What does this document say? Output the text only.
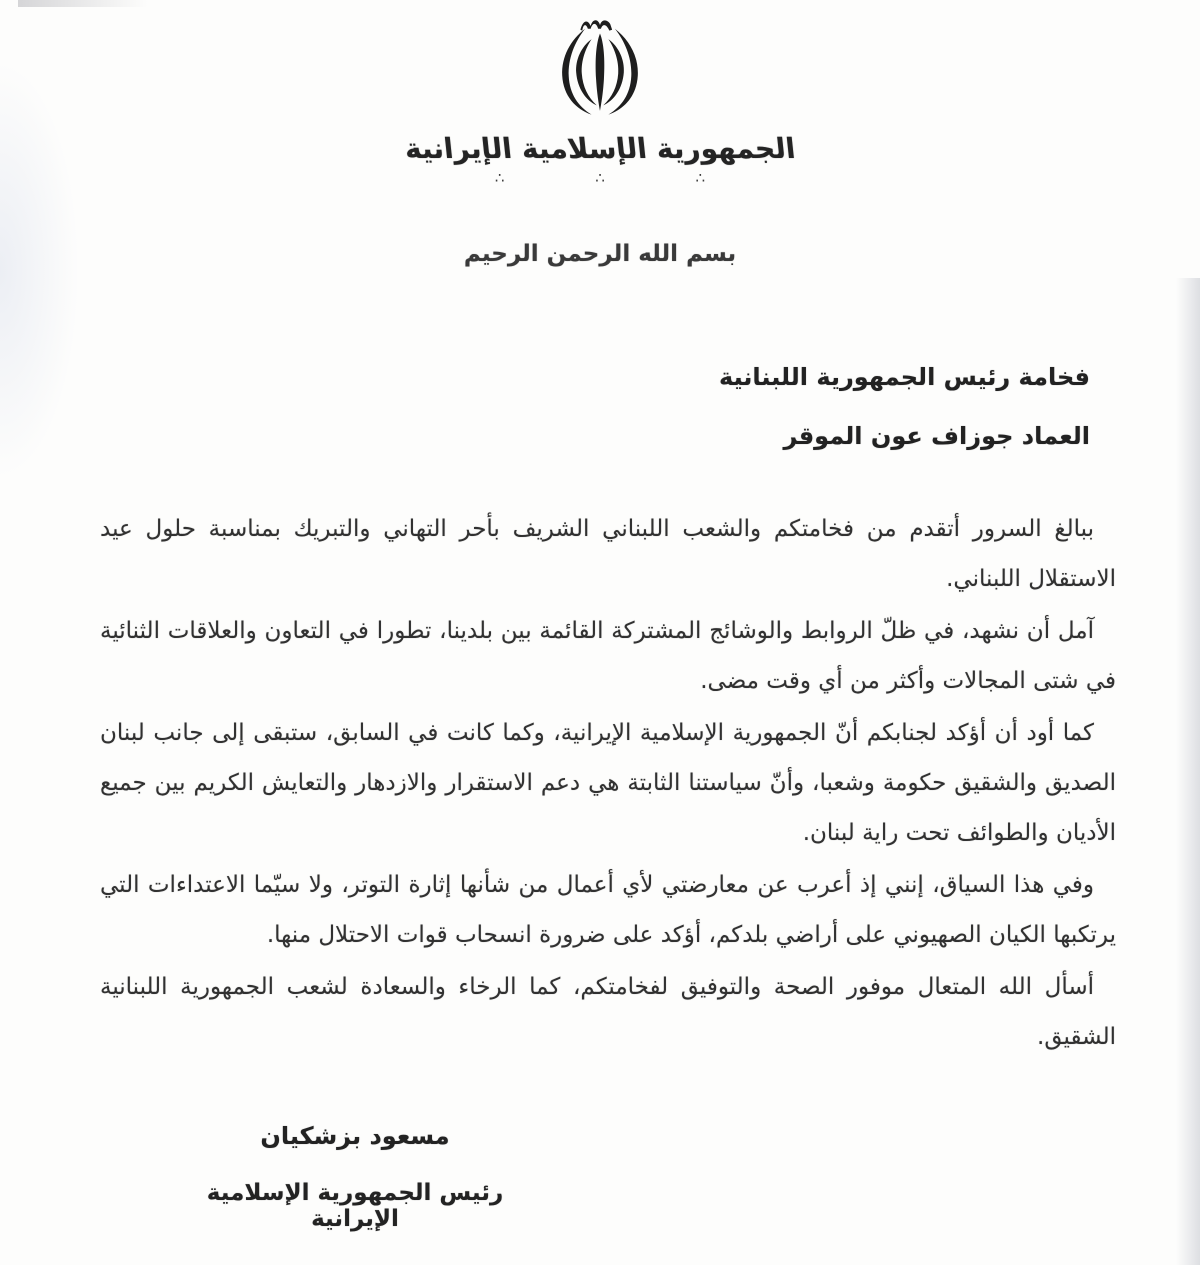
الجمهورية الإسلامية الإيرانية
∴ ∴ ∴
بسم الله الرحمن الرحيم
فخامة رئيس الجمهورية اللبنانية
العماد جوزاف عون الموقر

ببالغ السرور أتقدم من فخامتكم والشعب اللبناني الشريف بأحر التهاني والتبريك بمناسبة حلول عيد الاستقلال اللبناني.

آمل أن نشهد، في ظلّ الروابط والوشائج المشتركة القائمة بين بلدينا، تطورا في التعاون والعلاقات الثنائية في شتى المجالات وأكثر من أي وقت مضى.

كما أود أن أؤكد لجنابكم أنّ الجمهورية الإسلامية الإيرانية، وكما كانت في السابق، ستبقى إلى جانب لبنان الصديق والشقيق حكومة وشعبا، وأنّ سياستنا الثابتة هي دعم الاستقرار والازدهار والتعايش الكريم بين جميع الأديان والطوائف تحت راية لبنان.

وفي هذا السياق، إنني إذ أعرب عن معارضتي لأي أعمال من شأنها إثارة التوتر، ولا سيّما الاعتداءات التي يرتكبها الكيان الصهيوني على أراضي بلدكم، أؤكد على ضرورة انسحاب قوات الاحتلال منها.

أسأل الله المتعال موفور الصحة والتوفيق لفخامتكم، كما الرخاء والسعادة لشعب الجمهورية اللبنانية الشقيق.

مسعود بزشكيان
رئيس الجمهورية الإسلامية الإيرانية
